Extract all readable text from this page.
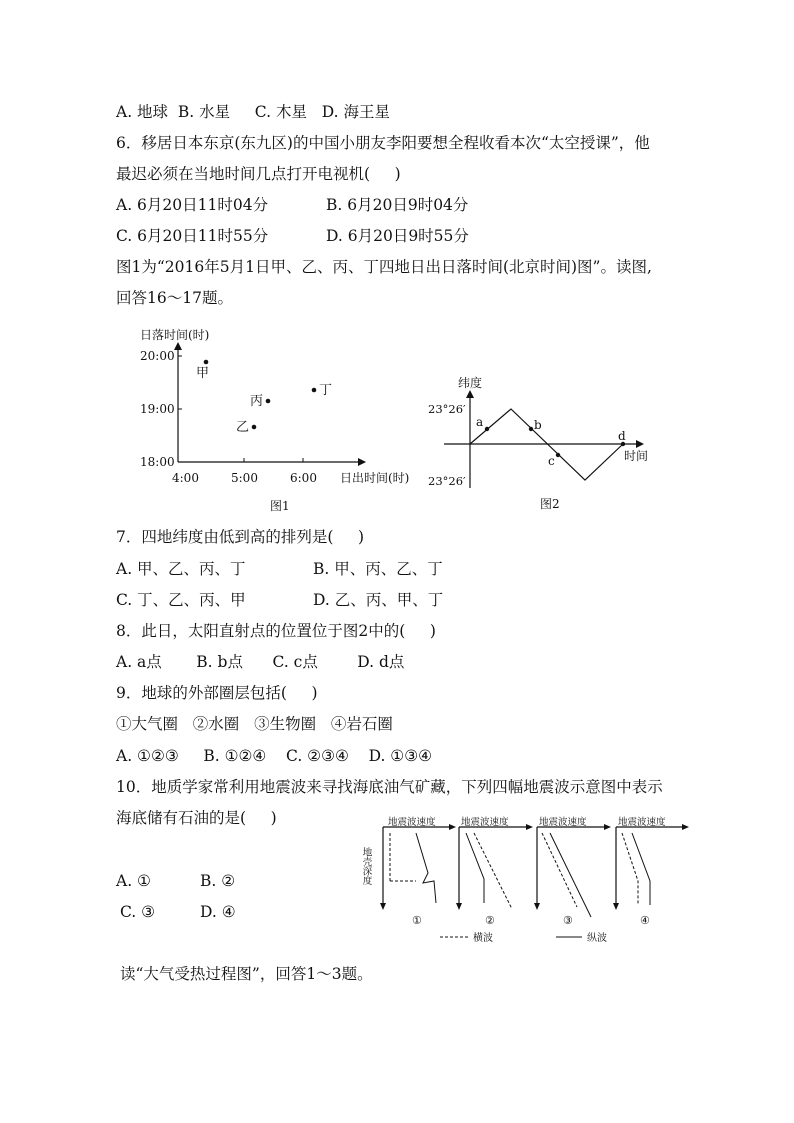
A. 地球  B. 水星     C. 木星   D. 海王星
6．移居日本东京(东九区)的中国小朋友李阳要想全程收看本次“太空授课”，他
最迟必须在当地时间几点打开电视机(     )
A. 6月20日11时04分	B. 6月20日9时04分
C. 6月20日11时55分	D. 6月20日9时55分
图1为“2016年5月1日甲、乙、丙、丁四地日出日落时间(北京时间)图”。读图,
回答16～17题。
日落时间(时)
20:00
19:00
18:00
4:00	5:00	6:00 日出时间(时)
甲
丙
乙
丁
图1
纬度
23°26′
23°26′
a	b
c
d
时间
图2
7．四地纬度由低到高的排列是(     )
A. 甲、乙、丙、丁	B. 甲、丙、乙、丁
C. 丁、乙、丙、甲	D. 乙、丙、甲、丁
8．此日，太阳直射点的位置位于图2中的(     )
A. a点       B. b点      C. c点        D. d点
9．地球的外部圈层包括(     )
①大气圈   ②水圈   ③生物圈   ④岩石圈
A. ①②③     B. ①②④    C. ②③④    D. ①③④
10．地质学家常利用地震波来寻找海底油气矿藏，下列四幅地震波示意图中表示
海底储有石油的是(     )
A. ①	B. ②
C. ③	D. ④
地震波速度
地壳深度
①
地震波速度
②
地震波速度
③
地震波速度
④
横波	纵波
读“大气受热过程图”，回答1～3题。
